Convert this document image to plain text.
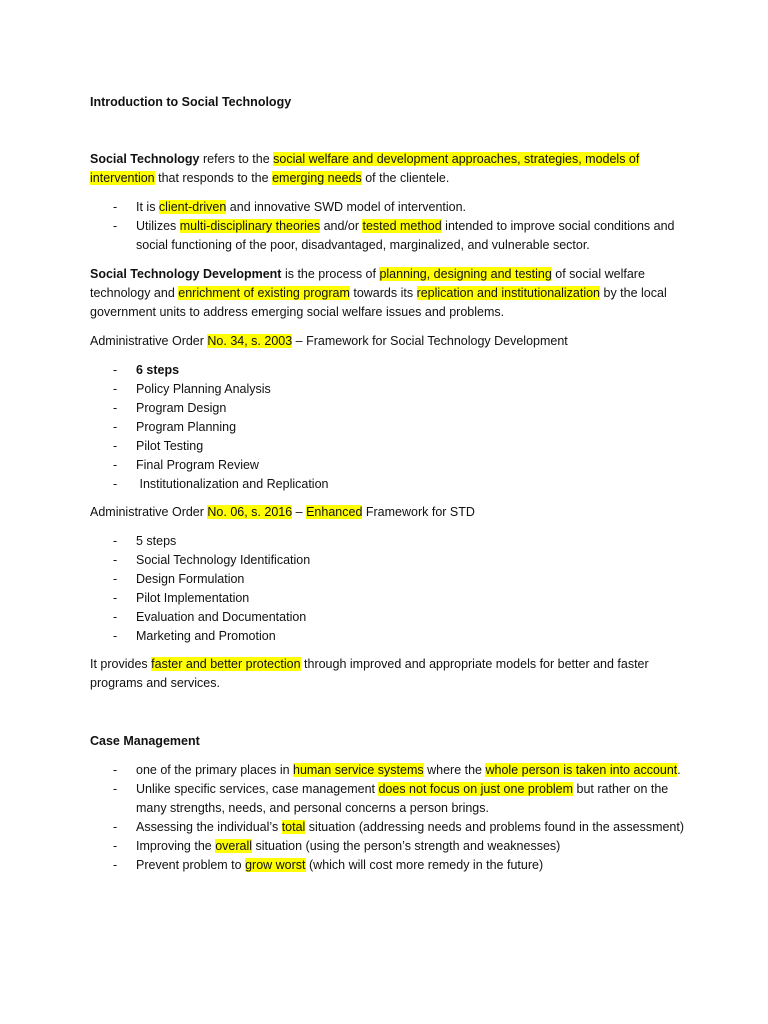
Introduction to Social Technology

Social Technology refers to the social welfare and development approaches, strategies, models of intervention that responds to the emerging needs of the clientele.

- It is client-driven and innovative SWD model of intervention.
- Utilizes multi-disciplinary theories and/or tested method intended to improve social conditions and social functioning of the poor, disadvantaged, marginalized, and vulnerable sector.

Social Technology Development is the process of planning, designing and testing of social welfare technology and enrichment of existing program towards its replication and institutionalization by the local government units to address emerging social welfare issues and problems.

Administrative Order No. 34, s. 2003 – Framework for Social Technology Development

- 6 steps
- Policy Planning Analysis
- Program Design
- Program Planning
- Pilot Testing
- Final Program Review
- Institutionalization and Replication

Administrative Order No. 06, s. 2016 – Enhanced Framework for STD

- 5 steps
- Social Technology Identification
- Design Formulation
- Pilot Implementation
- Evaluation and Documentation
- Marketing and Promotion

It provides faster and better protection through improved and appropriate models for better and faster programs and services.

Case Management

- one of the primary places in human service systems where the whole person is taken into account.
- Unlike specific services, case management does not focus on just one problem but rather on the many strengths, needs, and personal concerns a person brings.
- Assessing the individual’s total situation (addressing needs and problems found in the assessment)
- Improving the overall situation (using the person’s strength and weaknesses)
- Prevent problem to grow worst (which will cost more remedy in the future)
